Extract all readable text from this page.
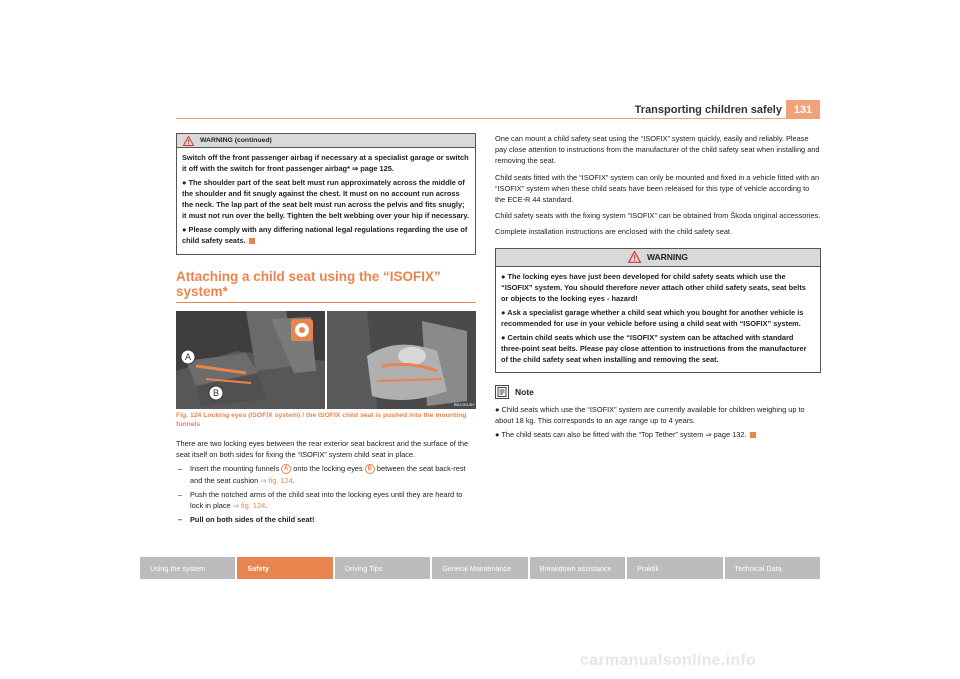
Transporting children safely	131
WARNING (continued)

Switch off the front passenger airbag if necessary at a specialist garage or switch it off with the switch for front passenger airbag* ⇒ page 125.

● The shoulder part of the seat belt must run approximately across the middle of the shoulder and fit snugly against the chest. It must on no account run across the neck. The lap part of the seat belt must run across the pelvis and fits snugly; it must not run over the belly. Tighten the belt webbing over your hip if necessary.

● Please comply with any differing national legal regulations regarding the use of child safety seats.

Attaching a child seat using the “ISOFIX” system*
A
B
B5J-0013H
Fig. 124 Locking eyes (ISOFIX system) / the ISOFIX child seat is pushed into the mounting funnels
There are two locking eyes between the rear exterior seat backrest and the surface of the seat itself on both sides for fixing the “ISOFIX” system child seat in place.
– Insert the mounting funnels A onto the locking eyes B between the seat back-rest and the seat cushion ⇒ fig. 124.
– Push the notched arms of the child seat into the locking eyes until they are heard to lock in place ⇒ fig. 124.
– Pull on both sides of the child seat!

One can mount a child safety seat using the “ISOFIX” system quickly, easily and reliably. Please pay close attention to instructions from the manufacturer of the child safety seat when installing and removing the seat.

Child seats fitted with the “ISOFIX” system can only be mounted and fixed in a vehicle fitted with an “ISOFIX” system when these child seats have been released for this type of vehicle according to the ECE-R 44 standard.

Child safety seats with the fixing system “ISOFIX” can be obtained from Škoda original accessories.

Complete installation instructions are enclosed with the child safety seat.

WARNING

● The locking eyes have just been developed for child safety seats which use the “ISOFIX” system. You should therefore never attach other child safety seats, seat belts or objects to the locking eyes - hazard!

● Ask a specialist garage whether a child seat which you bought for another vehicle is recommended for use in your vehicle before using a child seat with “ISOFIX” system.

● Certain child seats which use the “ISOFIX” system can be attached with standard three-point seat belts. Please pay close attention to instructions from the manufacturer of the child safety seat when installing and removing the seat.

Note

● Child seats which use the “ISOFIX” system are currently available for children weighing up to about 18 kg. This corresponds to an age range up to 4 years.

● The child seats can also be fitted with the “Top Tether” system ⇒ page 132.

Using the system	Safety	Driving Tips	General Maintenance	Breakdown assistance	Praktik	Technical Data
carmanualsonline.info
